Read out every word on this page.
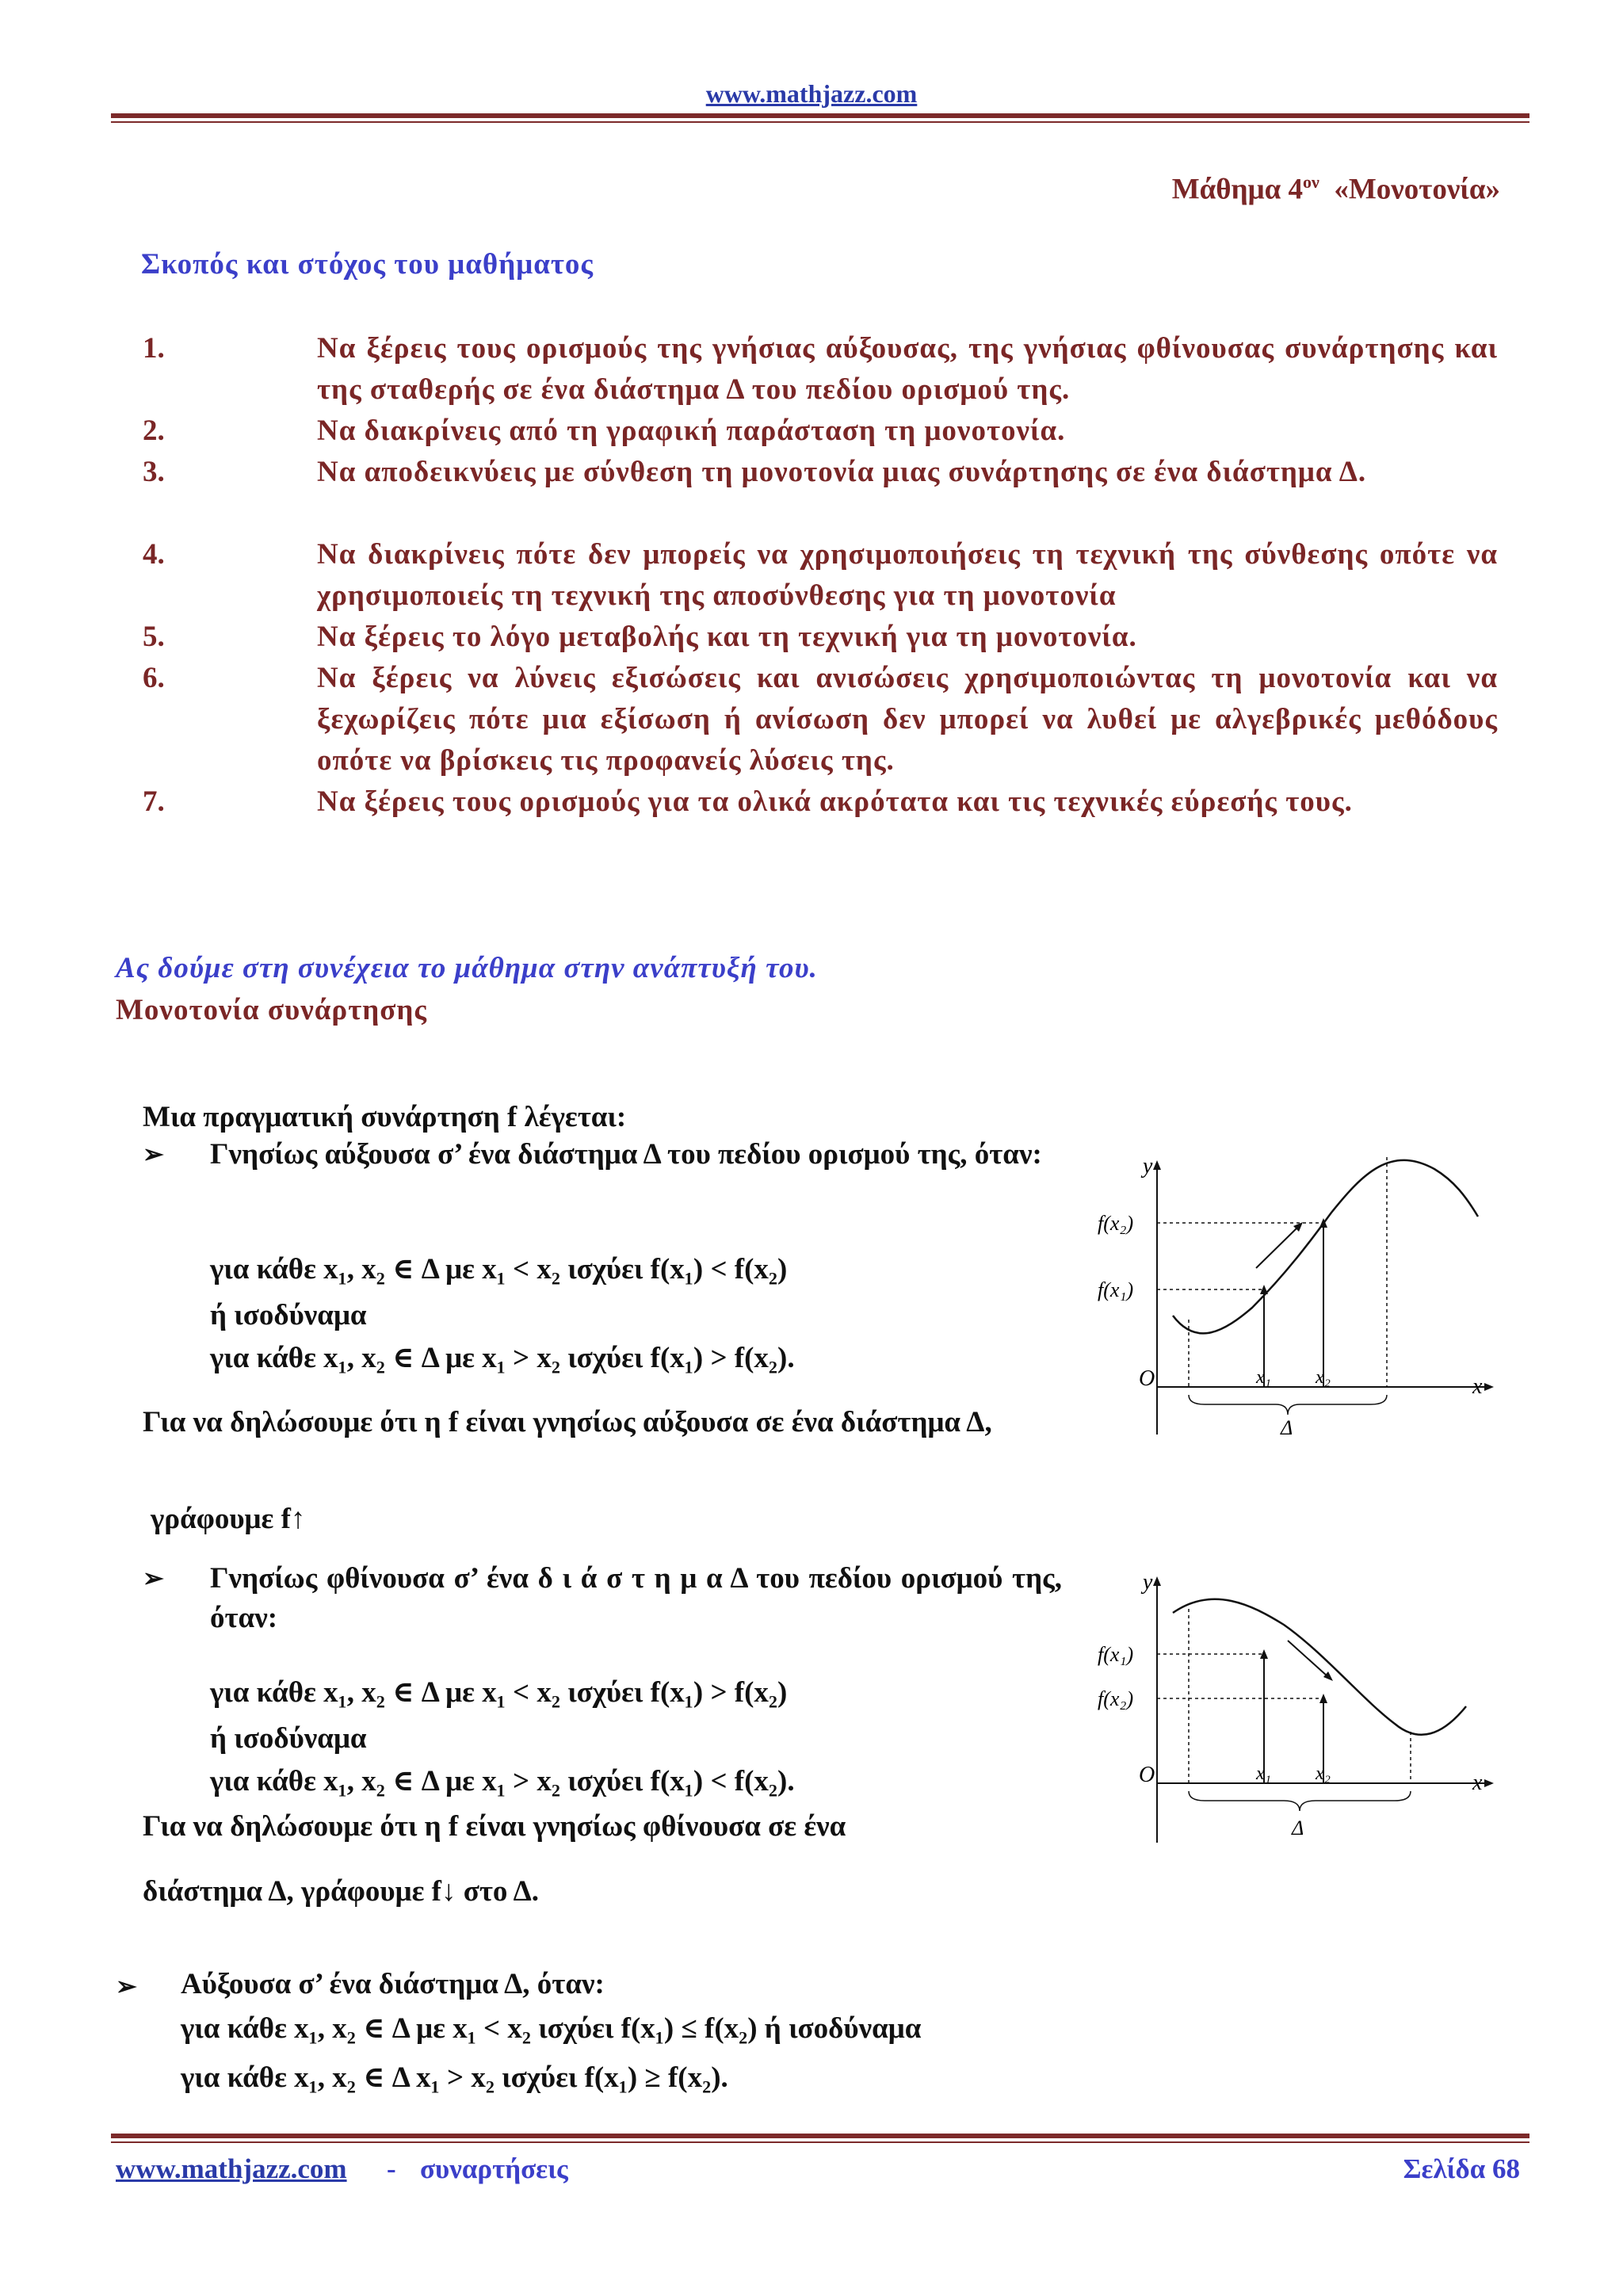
www.mathjazz.com
Μάθημα $4^{o\nu}$ «Μονοτονία»
Σκοπός και στόχος του μαθήματος
1.	Να ξέρεις τους ορισμούς της γνήσιας αύξουσας, της γνήσιας φθίνουσας συνάρτησης και της σταθερής σε ένα διάστημα Δ του πεδίου ορισμού της.
2.	Να διακρίνεις από τη γραφική παράσταση τη μονοτονία.
3.	Να αποδεικνύεις με σύνθεση τη μονοτονία μιας συνάρτησης σε ένα διάστημα Δ.
4.	Να διακρίνεις πότε δεν μπορείς να χρησιμοποιήσεις τη τεχνική της σύνθεσης οπότε να χρησιμοποιείς τη τεχνική της αποσύνθεσης για τη μονοτονία
5.	Να ξέρεις το λόγο μεταβολής και τη τεχνική για τη μονοτονία.
6.	Να ξέρεις να λύνεις εξισώσεις και ανισώσεις χρησιμοποιώντας τη μονοτονία και να ξεχωρίζεις πότε μια εξίσωση ή ανίσωση δεν μπορεί να λυθεί με αλγεβρικές μεθόδους οπότε να βρίσκεις τις προφανείς λύσεις της.
7.	Να ξέρεις τους ορισμούς για τα ολικά ακρότατα και τις τεχνικές εύρεσής τους.
Ας δούμε στη συνέχεια το μάθημα στην ανάπτυξή του.
Μονοτονία συνάρτησης
Μια πραγματική συνάρτηση f λέγεται:
➢ Γνησίως αύξουσα σ’ ένα διάστημα Δ του πεδίου ορισμού της, όταν:
για κάθε x₁, x₂ ∈ Δ με x₁ < x₂ ισχύει f(x₁) < f(x₂)
ή ισοδύναμα
για κάθε x₁, x₂ ∈ Δ με x₁ > x₂ ισχύει f(x₁) > f(x₂).
Για να δηλώσουμε ότι η f είναι γνησίως αύξουσα σε ένα διάστημα Δ,
γράφουμε f↑
➢ Γνησίως φθίνουσα σ’ ένα δ ι ά σ τ η μ α Δ του πεδίου ορισμού της, όταν:
για κάθε x₁, x₂ ∈ Δ με x₁ < x₂ ισχύει f(x₁) > f(x₂)
ή ισοδύναμα
για κάθε x₁, x₂ ∈ Δ με x₁ > x₂ ισχύει f(x₁) < f(x₂).
Για να δηλώσουμε ότι η f είναι γνησίως φθίνουσα σε ένα
διάστημα Δ, γράφουμε f↓ στο Δ.
➢ Αύξουσα σ’ ένα διάστημα Δ, όταν:
για κάθε x₁, x₂ ∈ Δ με x₁ < x₂ ισχύει f(x₁) ≤ f(x₂) ή ισοδύναμα
για κάθε x₁, x₂ ∈ Δ x₁ > x₂ ισχύει f(x₁) ≥ f(x₂).
y
x
O
f(x₁)
f(x₂)
x₁ x₂
Δ
y
x
O
f(x₁)
f(x₂)
x₁ x₂
Δ
www.mathjazz.com - συναρτήσεις	Σελίδα 68
